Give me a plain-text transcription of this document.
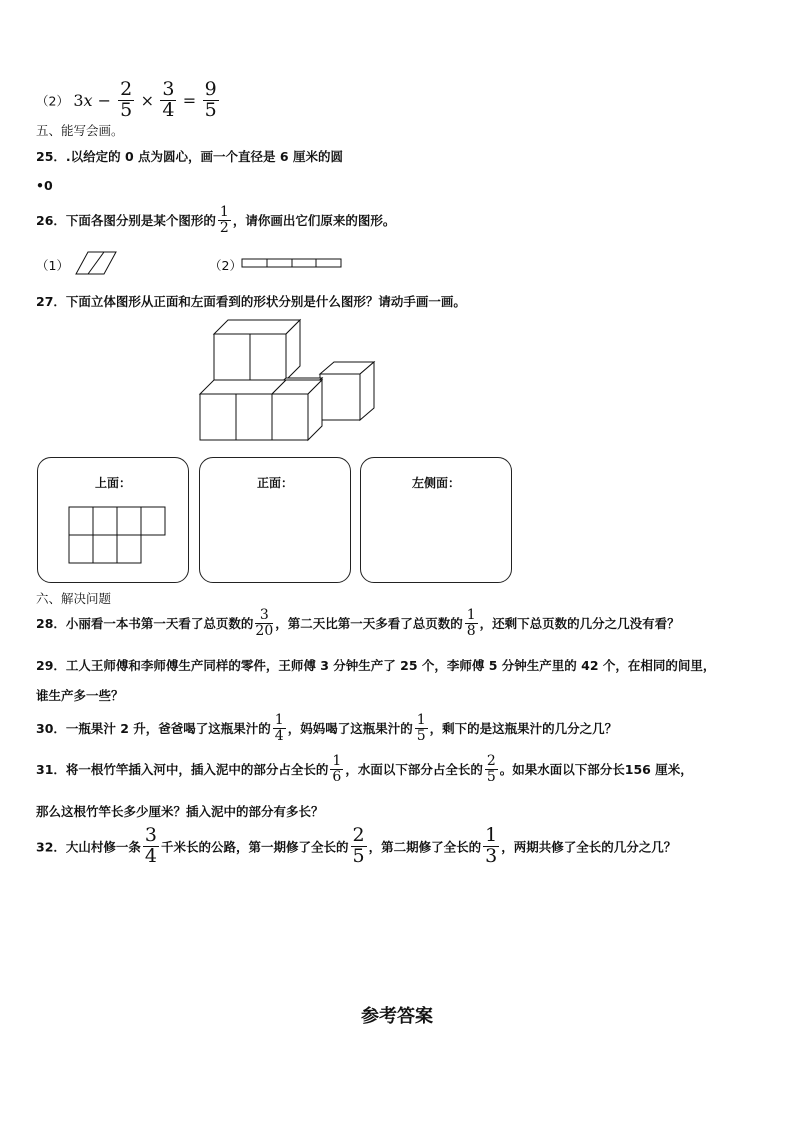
（2） $3x - \frac{2}{5} \times \frac{3}{4} = \frac{9}{5}$
五、能写会画。
25．.以给定的 0 点为圆心，画一个直径是 6 厘米的圆
•0
26．下面各图分别是某个图形的 $\frac{1}{2}$ ，请你画出它们原来的图形。
（1）	（2）
27．下面立体图形从正面和左面看到的形状分别是什么图形？请动手画一画。
上面：	正面：	左侧面：
六、解决问题
28．小丽看一本书第一天看了总页数的 $\frac{3}{20}$ ，第二天比第一天多看了总页数的 $\frac{1}{8}$ ，还剩下总页数的几分之几没有看？
29．工人王师傅和李师傅生产同样的零件，王师傅 3 分钟生产了 25 个，李师傅 5 分钟生产里的 42 个，在相同的间里，
谁生产多一些？
30．一瓶果汁 2 升，爸爸喝了这瓶果汁的 $\frac{1}{4}$ ，妈妈喝了这瓶果汁的 $\frac{1}{5}$ ，剩下的是这瓶果汁的几分之几？
31．将一根竹竿插入河中，插入泥中的部分占全长的 $\frac{1}{6}$ ，水面以下部分占全长的 $\frac{2}{5}$ 。如果水面以下部分长156 厘米，
那么这根竹竿长多少厘米？插入泥中的部分有多长？
32．大山村修一条 $\frac{3}{4}$ 千米长的公路，第一期修了全长的 $\frac{2}{5}$ ，第二期修了全长的 $\frac{1}{3}$ ，两期共修了全长的几分之几？
参考答案
